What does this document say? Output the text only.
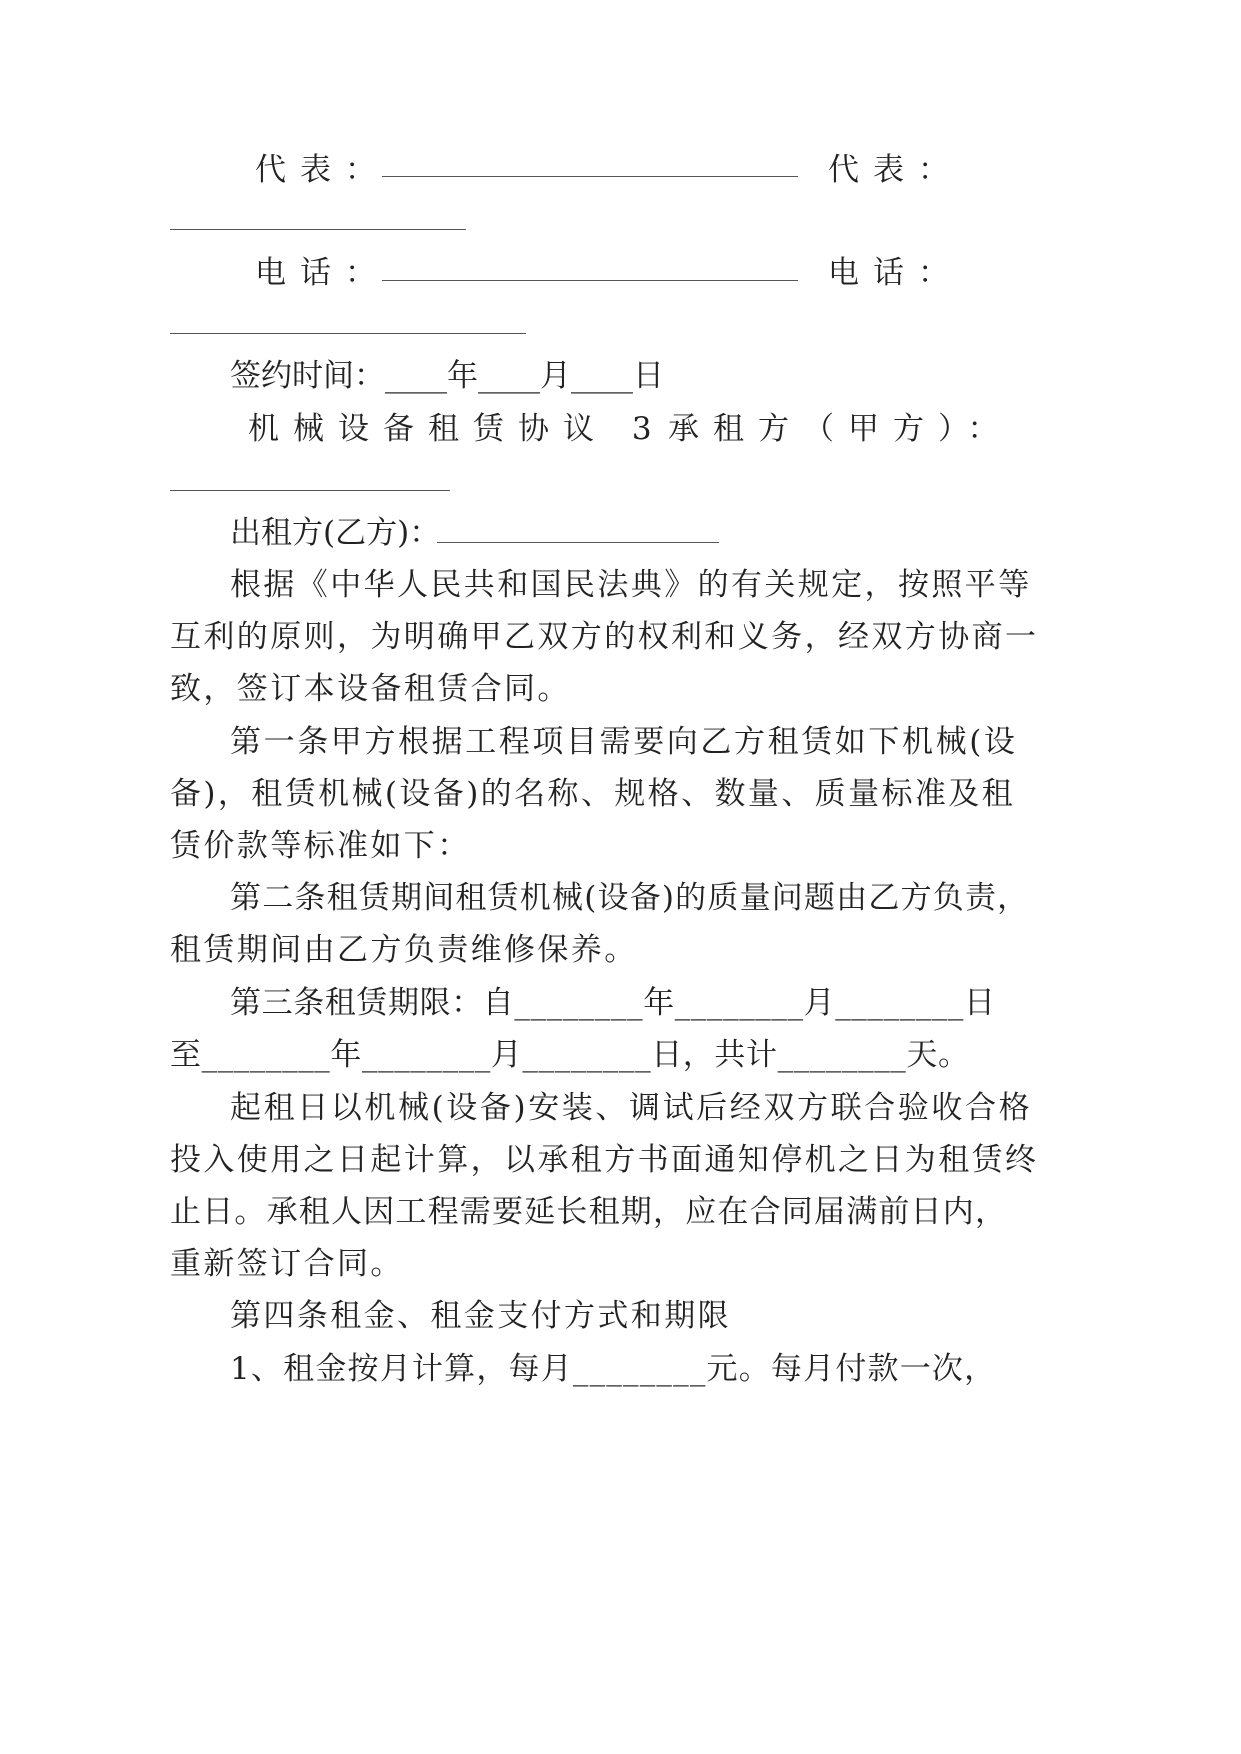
代表：	代表：
电话：	电话：
签约时间：____年____月____日
机械设备租赁协议 3 承租方（甲方）：
出租方(乙方)：
根据《中华人民共和国民法典》的有关规定，按照平等
互利的原则，为明确甲乙双方的权利和义务，经双方协商一
致，签订本设备租赁合同。
第一条甲方根据工程项目需要向乙方租赁如下机械(设
备)，租赁机械(设备)的名称、规格、数量、质量标准及租
赁价款等标准如下：
第二条租赁期间租赁机械(设备)的质量问题由乙方负责，
租赁期间由乙方负责维修保养。
第三条租赁期限：自________年________月________日
至________年________月________日，共计________天。
起租日以机械(设备)安装、调试后经双方联合验收合格
投入使用之日起计算，以承租方书面通知停机之日为租赁终
止日。承租人因工程需要延长租期，应在合同届满前日内，
重新签订合同。
第四条租金、租金支付方式和期限
1、租金按月计算，每月________元。每月付款一次，
